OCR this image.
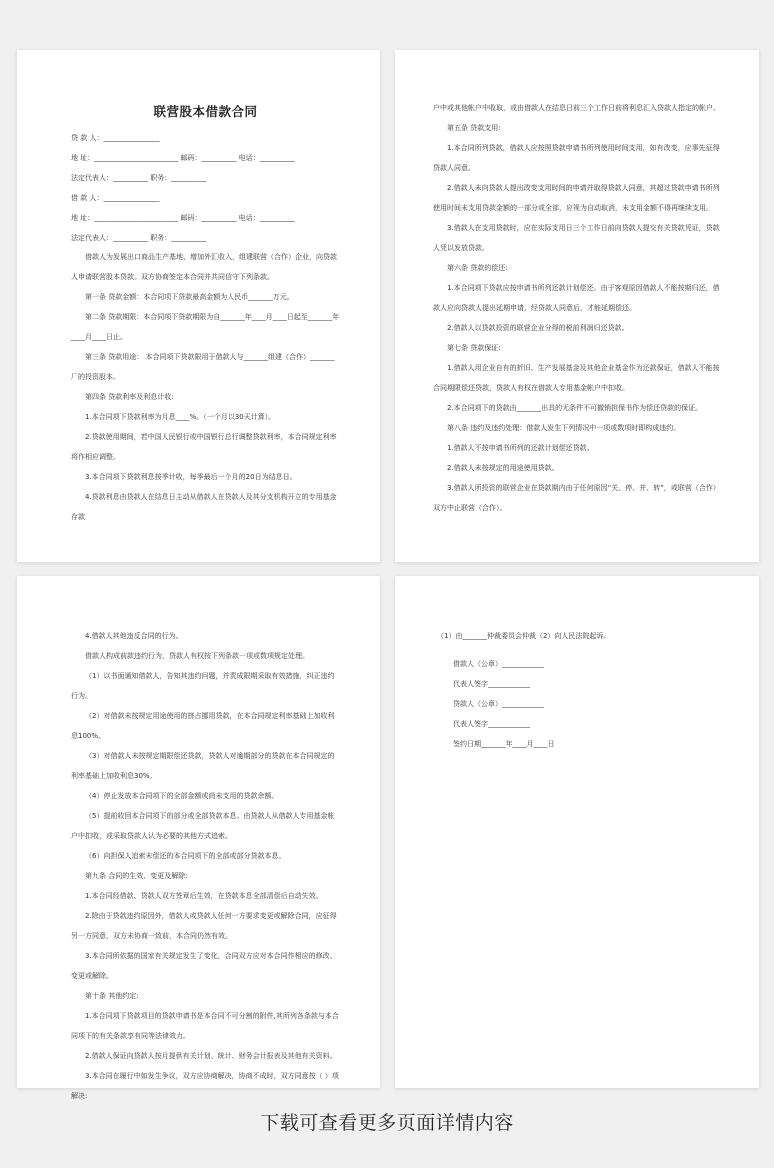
联营股本借款合同
贷 款 人：________________
地 址：________________________ 邮码：__________ 电话：__________
法定代表人：__________ 职务：__________
借 款 人：________________
地 址：________________________ 邮码：__________ 电话：__________
法定代表人：__________ 职务：__________

借款人为发展出口商品生产基地、增加外汇收入，组建联营（合作）企业，向贷款人申请联营股本贷款。双方协商签定本合同并共同信守下列条款。

第一条 贷款金额：本合同项下贷款最高金额为人民币_______万元。

第二条 贷款期限：本合同项下贷款期限为自_______年____月____日起至_______年____月____日止。

第三条 贷款用途： 本合同项下贷款限用于借款人与_______组建（合作）_______厂的投资股本。

第四条 贷款利率及利息计收:

1.本合同项下贷款利率为月息____%。（一个月以30天计算）。

2.贷款使用期间，若中国人民银行或中国银行总行调整贷款利率，本合同规定利率将作相应调整。

3.本合同项下贷款利息按季计收，每季最后一个月的20日为结息日。

4.贷款利息由贷款人在结息日主动从借款人在贷款人及其分支机构开立的专用基金存款

户中或其他帐户中收取，或由借款人在结息日前三个工作日前将利息汇入贷款人指定的帐户。

第五条 贷款支用:

1.本合同所列贷款，借款人应按照贷款申请书所列使用时间支用，如有改变，应事先征得贷款人同意。

2.借款人未向贷款人提出改变支用时间的申请并取得贷款人同意，其超过贷款申请书所列使用时间未支用贷款金额的一部分或全部，应视为自动取消，未支用金额不得再继续支用。

3.借款人在支用贷款时，应在实际支用日三个工作日前向贷款人提交有关贷款凭证，贷款人凭以发放贷款。

第六条 贷款的偿还:

1.本合同项下贷款应按申请书所列还款计划偿还。由于客观原因借款人不能按期归还，借款人应向贷款人提出延期申请，经贷款人同意后，才能延期偿还。

2.借款人以贷款投资的联营企业分得的税前利润归还贷款。

第七条 贷款保证:

1.借款人用企业自有的折旧、生产发展基金及其他企业基金作为还款保证，借款人不能按合同期限偿还贷款，贷款人有权在借款人专用基金帐户中扣收。

2.本合同项下的贷款由_______出具的无条件不可撤销担保书作为偿还贷款的保证。

第八条 违约及违约处理：借款人发生下列情况中一项或数项时即构成违约。

1.借款人不按申请书所列的还款计划偿还贷款。

2.借款人未按规定的用途使用贷款。

3.借款人所投资的联营企业在贷款期内由于任何原因“关、停、并、转”，或联营（合作）双方中止联营（合作）。

4.借款人其他违反合同的行为。

借款人构成前款违约行为，贷款人有权按下列条款一项或数项规定处理。

（1）以书面通知借款人，告知其违约问题，并责成限期采取有效措施，纠正违约行为。

（2）对借款未按规定用途使用的挤占挪用贷款，在本合同规定利率基础上加收利息100%。

（3）对借款人未按规定期限偿还贷款，贷款人对逾期部分的贷款在本合同规定的利率基础上加收利息30%。

（4）停止发放本合同项下的全部金额或尚未支用的贷款余额。

（5）提前收回本合同项下的部分或全部贷款本息。由贷款人从借款人专用基金帐户中扣收，或采取贷款人认为必要的其他方式追索。

（6）向担保人追索未偿还的本合同项下的全部或部分贷款本息。

第九条 合同的生效、变更及解除:

1.本合同经借款、贷款人双方签章后生效，在贷款本息全部清偿后自动失效。

2.除由于贷款违约原因外，借款人或贷款人任何一方要求变更或解除合同，应征得另一方同意，双方未协商一致前，本合同仍然有效。

3.本合同所依据的国家有关规定发生了变化，合同双方应对本合同作相应的修改、变更或解除。

第十条 其他约定:

1.本合同项下贷款项目的贷款申请书是本合同不可分割的附件,其所列各条款与本合同项下的有关条款享有同等法律效力。

2.借款人保证向贷款人按月提供有关计划、统计、财务会计报表及其他有关资料。

3.本合同在履行中如发生争议，双方应协商解决，协商不成时，双方同意按（ ）项解决:

（1）由_______仲裁委员会仲裁（2）向人民法院起诉。

借款人（公章）____________
代表人签字____________
贷款人（公章）____________
代表人签字____________
签约日期_______年____月____日
下载可查看更多页面详情内容
